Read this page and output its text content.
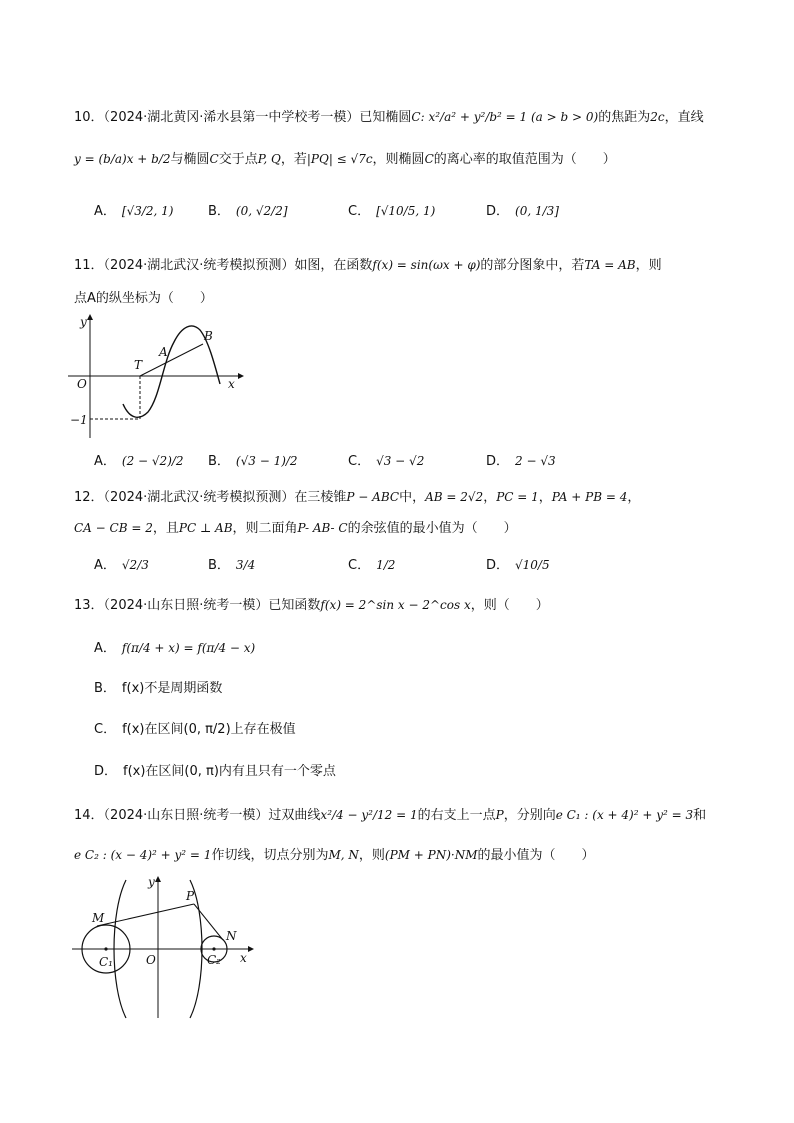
10．（2024·湖北黄冈·浠水县第一中学校考一模）已知椭圆C: x²/a² + y²/b² = 1 (a > b > 0)的焦距为2c，直线
y = (b/a)x + b/2与椭圆C交于点P, Q，若|PQ| ≤ √7c，则椭圆C的离心率的取值范围为（　　）
A． [√3/2, 1)	B． (0, √2/2]	C． [√10/5, 1)	D． (0, 1/3]
11．（2024·湖北武汉·统考模拟预测）如图，在函数f(x) = sin(ωx + φ)的部分图象中，若TA = AB，则
点A的纵坐标为（　　）
y
x
O
T
A
B
−1
A． (2 − √2)/2 B． (√3 − 1)/2	C． √3 − √2	D． 2 − √3
12．（2024·湖北武汉·统考模拟预测）在三棱锥P − ABC中，AB = 2√2，PC = 1，PA + PB = 4，
CA − CB = 2，且PC ⊥ AB，则二面角P- AB- C的余弦值的最小值为（　　）
A． √2/3	B． 3/4	C． 1/2	D． √10/5
13．（2024·山东日照·统考一模）已知函数f(x) = 2^sin x − 2^cos x，则（　　）
A． f(π/4 + x) = f(π/4 − x)
B． f(x)不是周期函数
C． f(x)在区间(0, π/2)上存在极值
D． f(x)在区间(0, π)内有且只有一个零点
14．（2024·山东日照·统考一模）过双曲线x²/4 − y²/12 = 1的右支上一点P，分别向e C₁ : (x + 4)² + y² = 3和
e C₂ : (x − 4)² + y² = 1作切线，切点分别为M, N，则(PM + PN)·NM的最小值为（　　）
y
x
O
M
P
N
C₁	C₂
